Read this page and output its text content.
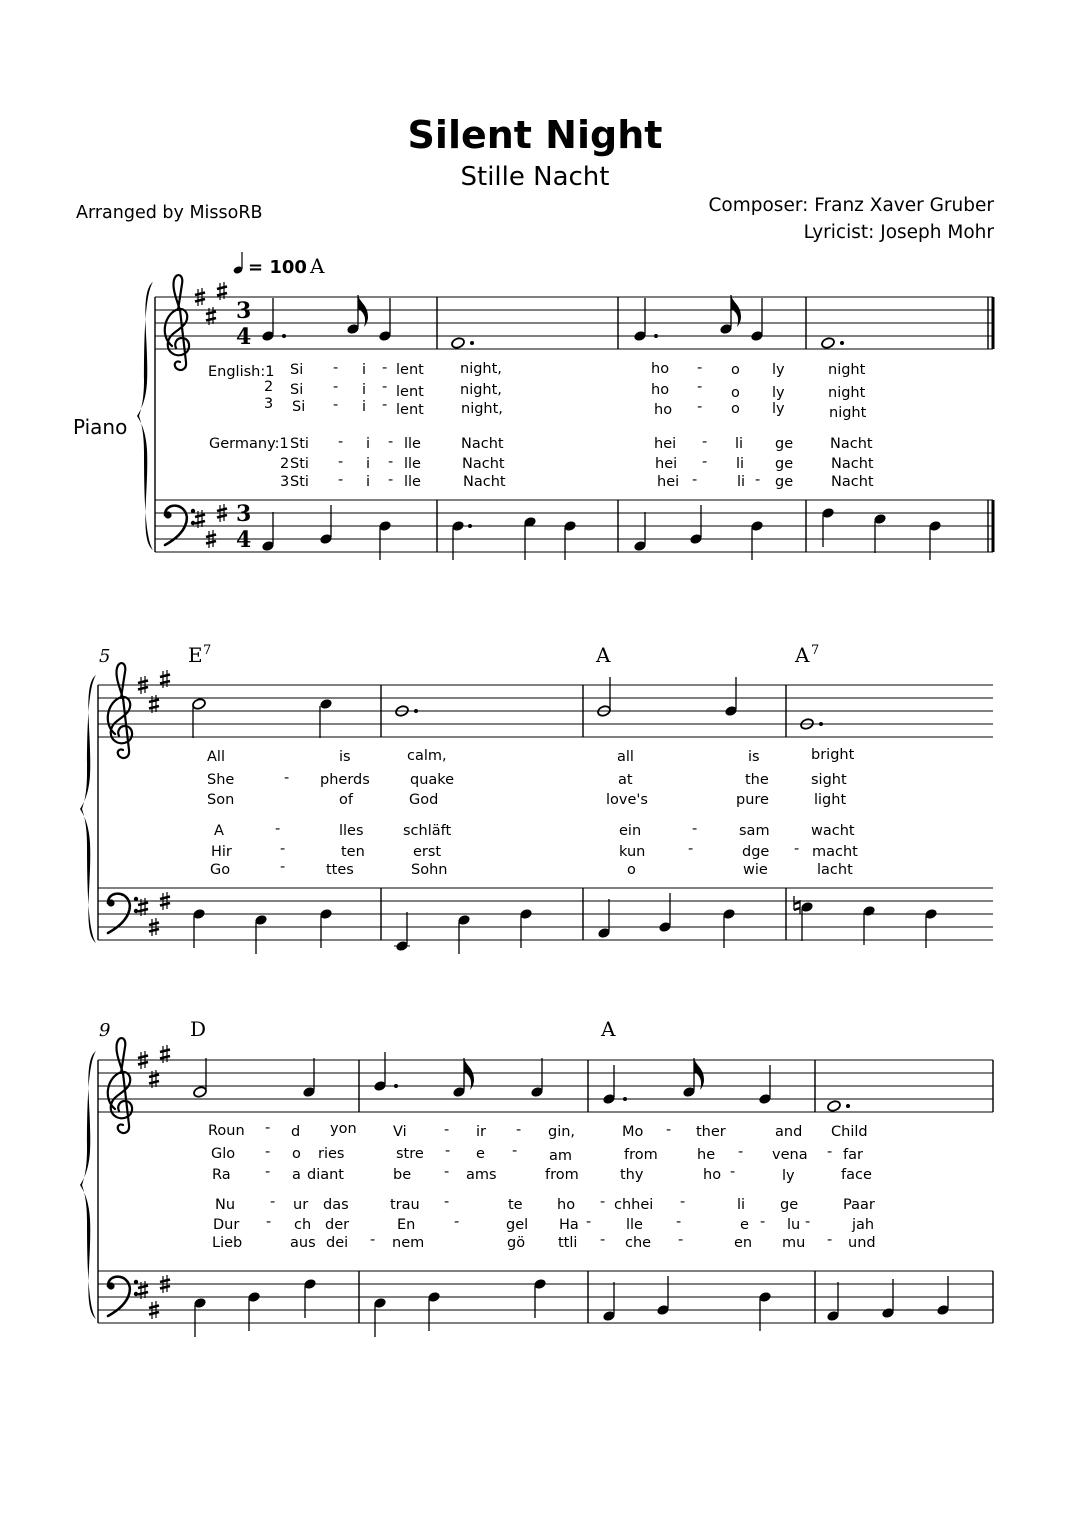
Silent Night
Stille Nacht
Arranged by MissoRB	Composer: Franz Xaver Gruber
Lyricist: Joseph Mohr
= 100
Piano
A
3
4
English:1
2
3
Germany:1
2
3
Si - i - lent night,	ho - o ly	night
Si - i - lent night,	ho - o ly	night
Si - i - lent	night,	ho - o ly	night
Sti - i - lle	Nacht	hei - li ge	Nacht
Sti - i - lle	Nacht	hei - li ge	Nacht
Sti - i - lle	Nacht	hei -	li - ge	Nacht
3
4
5	E 7	A	A 7
All	is	calm,	all	is	bright
She	- pherds	quake	at	the	sight
Son	of	God	love's	pure	light
A	-	lles	schläft	ein	-	sam	wacht
Hir	-	ten	erst	kun	-	dge - macht
Go	-	ttes	Sohn	o	wie	lacht
9	D	A
Roun - d yon	Vi	- ir - gin,	Mo - ther	and Child
Glo - o ries	stre - e - am	from	he - vena - far
Ra - a diant	be - ams	from	thy	ho -	ly	face
Nu - ur das	trau -	te ho - chhei -	li ge	Paar
Dur - ch der	En	-	gel Ha - lle -	e - lu -	jah
Lieb	aus dei - nem	gö ttli - che -	en mu - und
